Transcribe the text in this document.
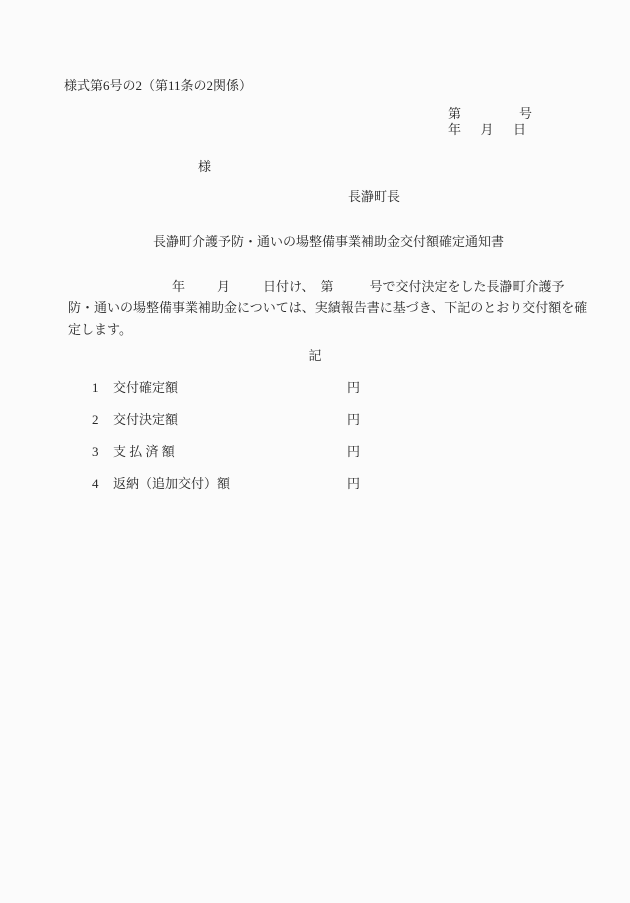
様式第6号の2（第11条の2関係）
第	号
年 月 日
様
長瀞町長
長瀞町介護予防・通いの場整備事業補助金交付額確定通知書
年 月	日付け、 第	号で交付決定をした長瀞町介護予
防・通いの場整備事業補助金については、実績報告書に基づき、下記のとおり交付額を確
定します。
記
1 交付確定額	円
2 交付決定額	円
3 支 払 済 額	円
4 返納（追加交付）額	円
